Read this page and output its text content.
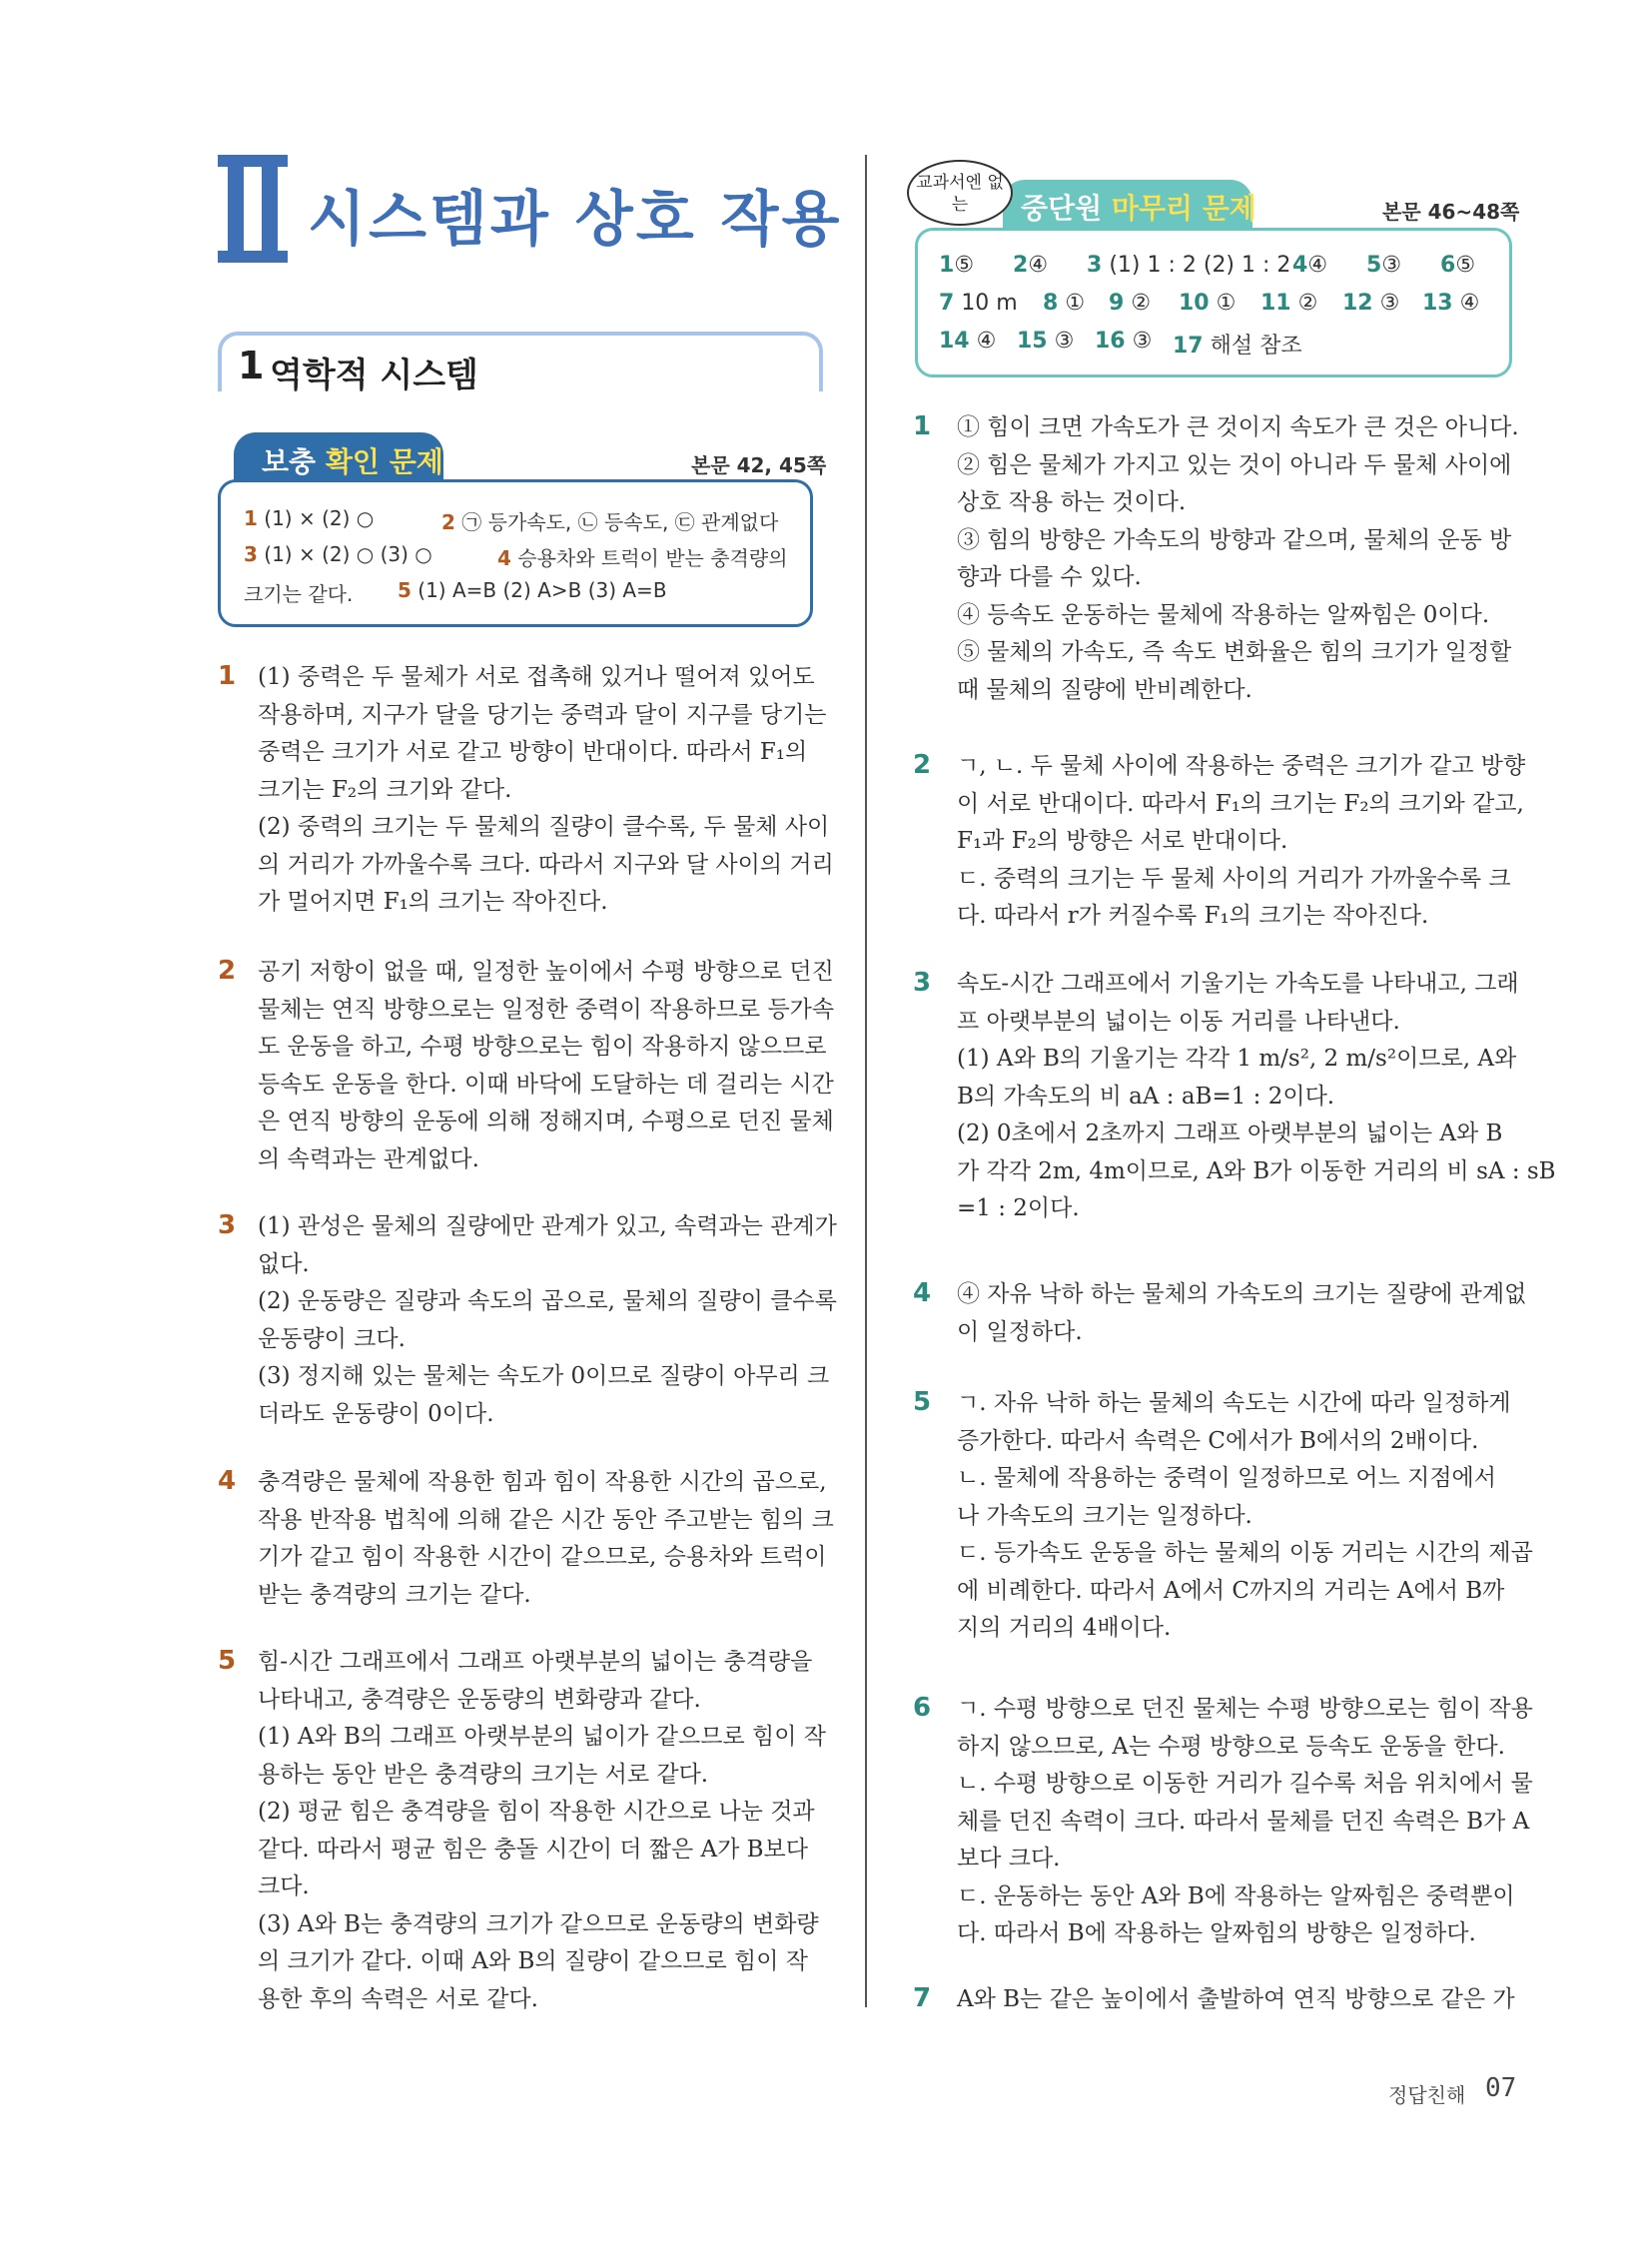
시스템과 상호 작용
1 역학적 시스템
보충 확인 문제	본문 42, 45쪽
1 (1) × (2) ○	2 ㉠ 등가속도, ㉡ 등속도, ㉢ 관계없다
3 (1) × (2) ○ (3) ○	4 승용차와 트럭이 받는 충격량의
크기는 같다. 5 (1) A=B (2) A>B (3) A=B
교과서엔 없는	중단원 마무리 문제	본문 46~48쪽
1⑤ 2④ 3 (1) 1 : 2 (2) 1 : 2 4④ 5③ 6⑤
7 10 m 8 ① 9 ② 10 ① 11 ② 12 ③ 13 ④
14 ④ 15 ③ 16 ③ 17 해설 참조
1 (1) 중력은 두 물체가 서로 접촉해 있거나 떨어져 있어도
작용하며, 지구가 달을 당기는 중력과 달이 지구를 당기는
중력은 크기가 서로 같고 방향이 반대이다. 따라서 F₁의
크기는 F₂의 크기와 같다.
(2) 중력의 크기는 두 물체의 질량이 클수록, 두 물체 사이
의 거리가 가까울수록 크다. 따라서 지구와 달 사이의 거리
가 멀어지면 F₁의 크기는 작아진다.
2 공기 저항이 없을 때, 일정한 높이에서 수평 방향으로 던진
물체는 연직 방향으로는 일정한 중력이 작용하므로 등가속
도 운동을 하고, 수평 방향으로는 힘이 작용하지 않으므로
등속도 운동을 한다. 이때 바닥에 도달하는 데 걸리는 시간
은 연직 방향의 운동에 의해 정해지며, 수평으로 던진 물체
의 속력과는 관계없다.
3 (1) 관성은 물체의 질량에만 관계가 있고, 속력과는 관계가
없다.
(2) 운동량은 질량과 속도의 곱으로, 물체의 질량이 클수록
운동량이 크다.
(3) 정지해 있는 물체는 속도가 0이므로 질량이 아무리 크
더라도 운동량이 0이다.
4 충격량은 물체에 작용한 힘과 힘이 작용한 시간의 곱으로,
작용 반작용 법칙에 의해 같은 시간 동안 주고받는 힘의 크
기가 같고 힘이 작용한 시간이 같으므로, 승용차와 트럭이
받는 충격량의 크기는 같다.
5 힘-시간 그래프에서 그래프 아랫부분의 넓이는 충격량을
나타내고, 충격량은 운동량의 변화량과 같다.
(1) A와 B의 그래프 아랫부분의 넓이가 같으므로 힘이 작
용하는 동안 받은 충격량의 크기는 서로 같다.
(2) 평균 힘은 충격량을 힘이 작용한 시간으로 나눈 것과
같다. 따라서 평균 힘은 충돌 시간이 더 짧은 A가 B보다
크다.
(3) A와 B는 충격량의 크기가 같으므로 운동량의 변화량
의 크기가 같다. 이때 A와 B의 질량이 같으므로 힘이 작
용한 후의 속력은 서로 같다.
1 ① 힘이 크면 가속도가 큰 것이지 속도가 큰 것은 아니다.
② 힘은 물체가 가지고 있는 것이 아니라 두 물체 사이에
상호 작용 하는 것이다.
③ 힘의 방향은 가속도의 방향과 같으며, 물체의 운동 방
향과 다를 수 있다.
④ 등속도 운동하는 물체에 작용하는 알짜힘은 0이다.
⑤ 물체의 가속도, 즉 속도 변화율은 힘의 크기가 일정할
때 물체의 질량에 반비례한다.
2 ㄱ, ㄴ. 두 물체 사이에 작용하는 중력은 크기가 같고 방향
이 서로 반대이다. 따라서 F₁의 크기는 F₂의 크기와 같고,
F₁과 F₂의 방향은 서로 반대이다.
ㄷ. 중력의 크기는 두 물체 사이의 거리가 가까울수록 크
다. 따라서 r가 커질수록 F₁의 크기는 작아진다.
3 속도-시간 그래프에서 기울기는 가속도를 나타내고, 그래
프 아랫부분의 넓이는 이동 거리를 나타낸다.
(1) A와 B의 기울기는 각각 1 m/s², 2 m/s²이므로, A와
B의 가속도의 비 aA : aB=1 : 2이다.
(2) 0초에서 2초까지 그래프 아랫부분의 넓이는 A와 B
가 각각 2m, 4m이므로, A와 B가 이동한 거리의 비 sA : sB
=1 : 2이다.
4 ④ 자유 낙하 하는 물체의 가속도의 크기는 질량에 관계없
이 일정하다.
5 ㄱ. 자유 낙하 하는 물체의 속도는 시간에 따라 일정하게
증가한다. 따라서 속력은 C에서가 B에서의 2배이다.
ㄴ. 물체에 작용하는 중력이 일정하므로 어느 지점에서
나 가속도의 크기는 일정하다.
ㄷ. 등가속도 운동을 하는 물체의 이동 거리는 시간의 제곱
에 비례한다. 따라서 A에서 C까지의 거리는 A에서 B까
지의 거리의 4배이다.
6 ㄱ. 수평 방향으로 던진 물체는 수평 방향으로는 힘이 작용
하지 않으므로, A는 수평 방향으로 등속도 운동을 한다.
ㄴ. 수평 방향으로 이동한 거리가 길수록 처음 위치에서 물
체를 던진 속력이 크다. 따라서 물체를 던진 속력은 B가 A
보다 크다.
ㄷ. 운동하는 동안 A와 B에 작용하는 알짜힘은 중력뿐이
다. 따라서 B에 작용하는 알짜힘의 방향은 일정하다.
7 A와 B는 같은 높이에서 출발하여 연직 방향으로 같은 가
정답친해 07
